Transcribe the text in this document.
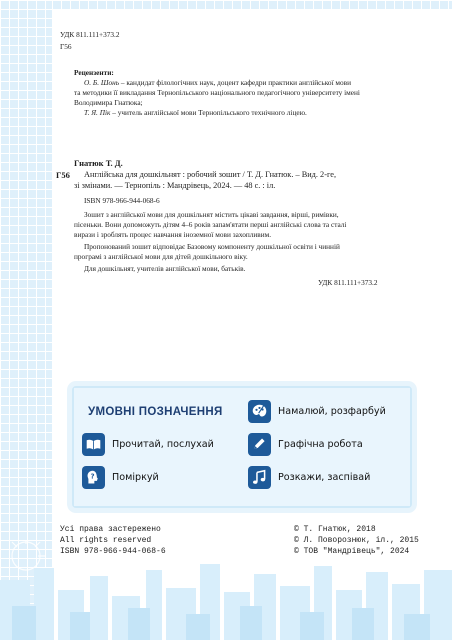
УДК 811.111+373.2
Г56
Рецензенти:
О. Б. Шонь – кандидат філологічних наук, доцент кафедри практики англійської мови
та методики її викладання Тернопільського національного педагогічного університету імені
Володимира Гнатюка;
Т. Я. Пік – учитель англійської мови Тернопільського технічного ліцею.
Гнатюк Т. Д.
Г56 Англійська для дошкільнят : робочий зошит / Т. Д. Гнатюк. – Вид. 2-ге,
зі змінами. — Тернопіль : Мандрівець, 2024. — 48 с. : іл.
ISBN 978-966-944-068-6
Зошит з англійської мови для дошкільнят містить цікаві завдання, вірші, римівки,
пісеньки. Вони допоможуть дітям 4–6 років запам'ятати перші англійські слова та сталі
вирази і зроблять процес навчання іноземної мови захопливим.
Пропонований зошит відповідає Базовому компоненту дошкільної освіти і чинній
програмі з англійської мови для дітей дошкільного віку.
Для дошкільнят, учителів англійської мови, батьків.
УДК 811.111+373.2
УМОВНІ ПОЗНАЧЕННЯ	Намалюй, розфарбуй
Прочитай, послухай	Графічна робота
? Поміркуй	Розкажи, заспівай
Усі права застережено
All rights reserved
ISBN 978-966-944-068-6
© Т. Гнатюк, 2018
© Л. Поворознюк, іл., 2015
© ТОВ "Мандрівець", 2024
